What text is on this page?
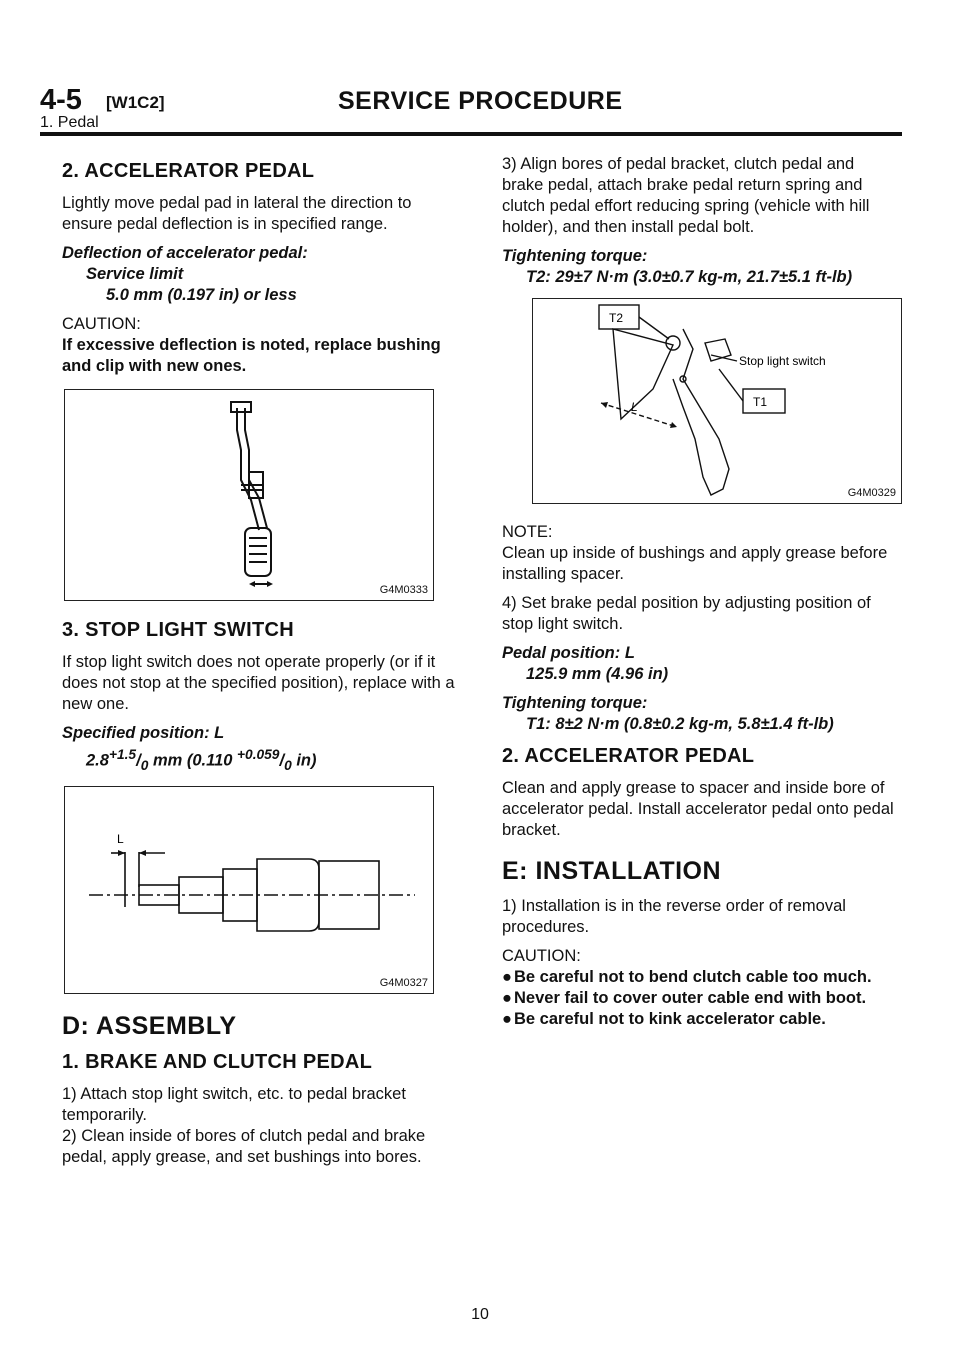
4-5 [W1C2]	SERVICE PROCEDURE
1. Pedal
2. ACCELERATOR PEDAL

Lightly move pedal pad in lateral the direction to ensure pedal deflection is in specified range.

Deflection of accelerator pedal:
Service limit
5.0 mm (0.197 in) or less

CAUTION:

If excessive deflection is noted, replace bushing and clip with new ones.

G4M0333
3. STOP LIGHT SWITCH

If stop light switch does not operate properly (or if it does not stop at the specified position), replace with a new one.

Specified position: L
$2.8^{+1.5}/_0$ mm (0.110 $^{+0.059}/_0$ in)
L
G4M0327
D: ASSEMBLY
1. BRAKE AND CLUTCH PEDAL

1) Attach stop light switch, etc. to pedal bracket temporarily.

2) Clean inside of bores of clutch pedal and brake pedal, apply grease, and set bushings into bores.

3) Align bores of pedal bracket, clutch pedal and brake pedal, attach brake pedal return spring and clutch pedal effort reducing spring (vehicle with hill holder), and then install pedal bolt.

Tightening torque:
T2: 29±7 N·m (3.0±0.7 kg-m, 21.7±5.1 ft-lb)
T2
T1
Stop light switch
L
G4M0329

NOTE:

Clean up inside of bushings and apply grease before installing spacer.

4) Set brake pedal position by adjusting position of stop light switch.

Pedal position: L
125.9 mm (4.96 in)
Tightening torque:
T1: 8±2 N·m (0.8±0.2 kg-m, 5.8±1.4 ft-lb)
2. ACCELERATOR PEDAL

Clean and apply grease to spacer and inside bore of accelerator pedal. Install accelerator pedal onto pedal bracket.

E: INSTALLATION

1) Installation is in the reverse order of removal procedures.

CAUTION:

● Be careful not to bend clutch cable too much.

● Never fail to cover outer cable end with boot.

● Be careful not to kink accelerator cable.

10
